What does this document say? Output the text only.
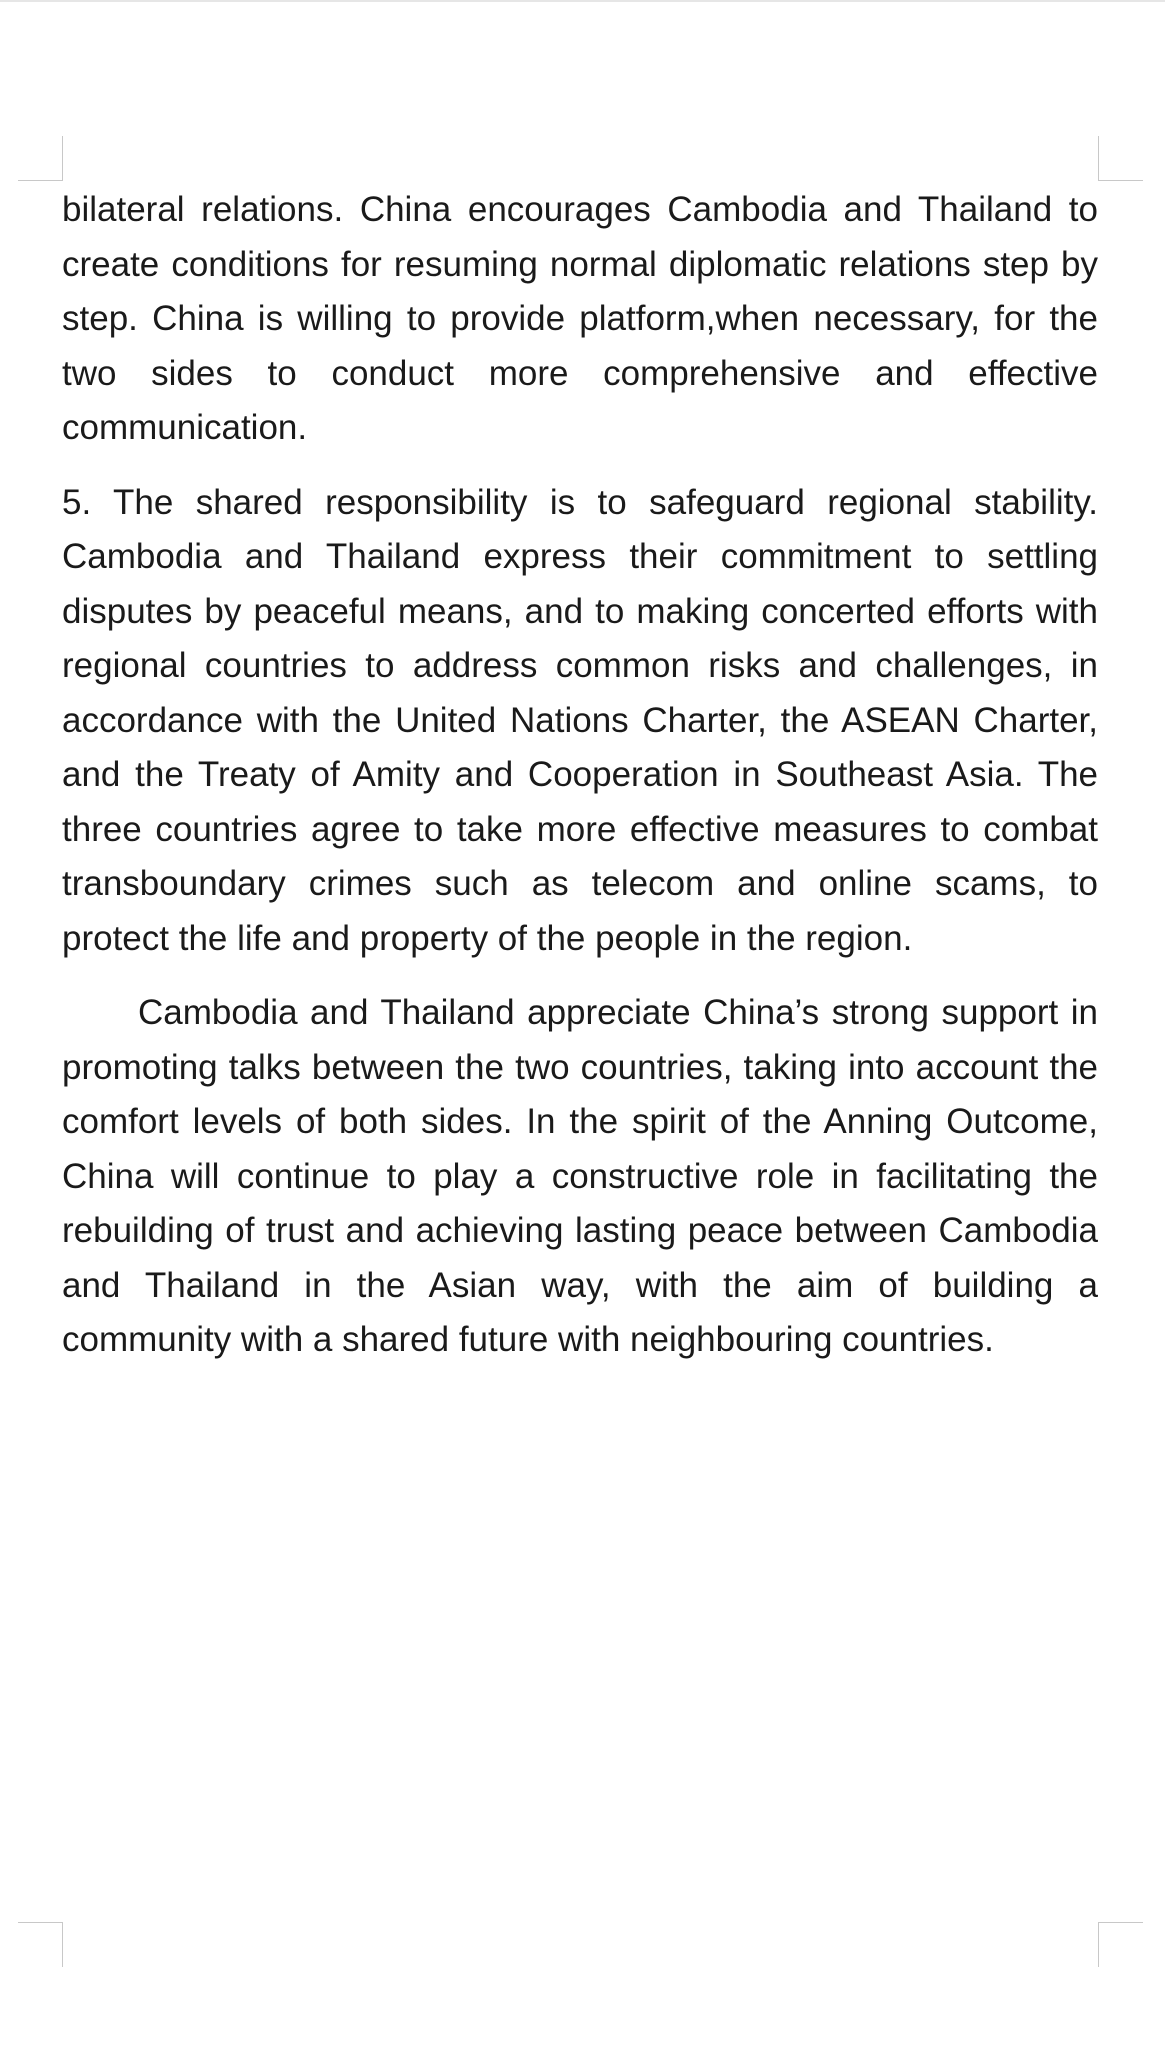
bilateral relations. China encourages Cambodia and Thailand to create conditions for resuming normal diplomatic relations step by step. China is willing to provide platform,when necessary, for the two sides to conduct more comprehensive and effective communication.

5. The shared responsibility is to safeguard regional stability. Cambodia and Thailand express their commitment to settling disputes by peaceful means, and to making concerted efforts with regional countries to address common risks and challenges, in accordance with the United Nations Charter, the ASEAN Charter, and the Treaty of Amity and Cooperation in Southeast Asia. The three countries agree to take more effective measures to combat transboundary crimes such as telecom and online scams, to protect the life and property of the people in the region.

Cambodia and Thailand appreciate China’s strong support in promoting talks between the two countries, taking into account the comfort levels of both sides. In the spirit of the Anning Outcome, China will continue to play a constructive role in facilitating the rebuilding of trust and achieving lasting peace between Cambodia and Thailand in the Asian way, with the aim of building a community with a shared future with neighbouring countries.
